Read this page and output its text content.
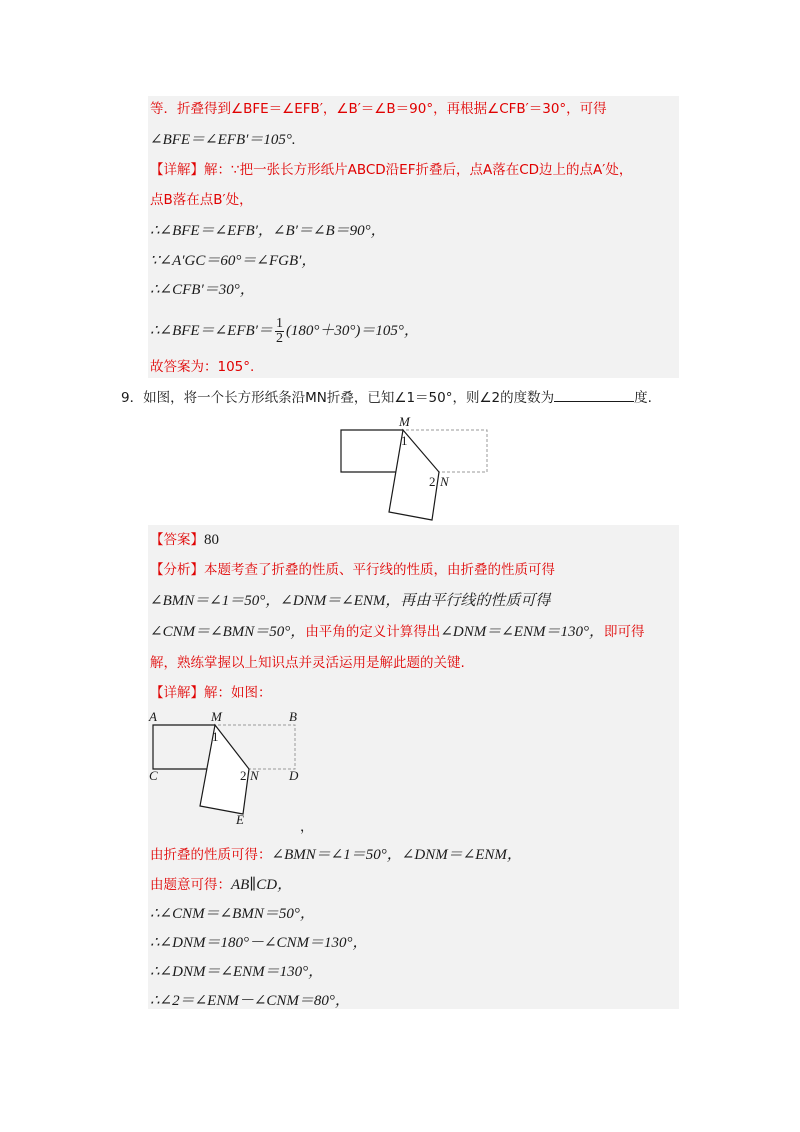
等．折叠得到∠BFE＝∠EFB′，∠B′＝∠B＝90°，再根据∠CFB′＝30°，可得
∠BFE＝∠EFB′＝105°.
【详解】解：∵把一张长方形纸片ABCD沿EF折叠后，点A落在CD边上的点A′处，
点B落在点B′处，
∴∠BFE＝∠EFB′，∠B′＝∠B＝90°，
∵∠A′GC＝60°＝∠FGB′，
∴∠CFB′＝30°，
∴∠BFE＝∠EFB′＝ $\frac{1}{2} (180^\circ+30^\circ)=105^\circ$，
故答案为：105°.
9．如图，将一个长方形纸条沿MN折叠，已知∠1＝50°，则∠2的度数为	度.
M
1
2 N
【答案】80
【分析】本题考查了折叠的性质、平行线的性质，由折叠的性质可得
∠BMN＝∠1＝50°，∠DNM＝∠ENM，再由平行线的性质可得
∠CNM＝∠BMN＝50°，由平角的定义计算得出∠DNM＝∠ENM＝130°，即可得
解，熟练掌握以上知识点并灵活运用是解此题的关键.
【详解】解：如图：
A	M	B
1
C	2 N D
E	，
由折叠的性质可得：∠BMN＝∠1＝50°，∠DNM＝∠ENM，
由题意可得：AB∥CD，
∴∠CNM＝∠BMN＝50°，
∴∠DNM＝180°－∠CNM＝130°，
∴∠DNM＝∠ENM＝130°，
∴∠2＝∠ENM－∠CNM＝80°，
